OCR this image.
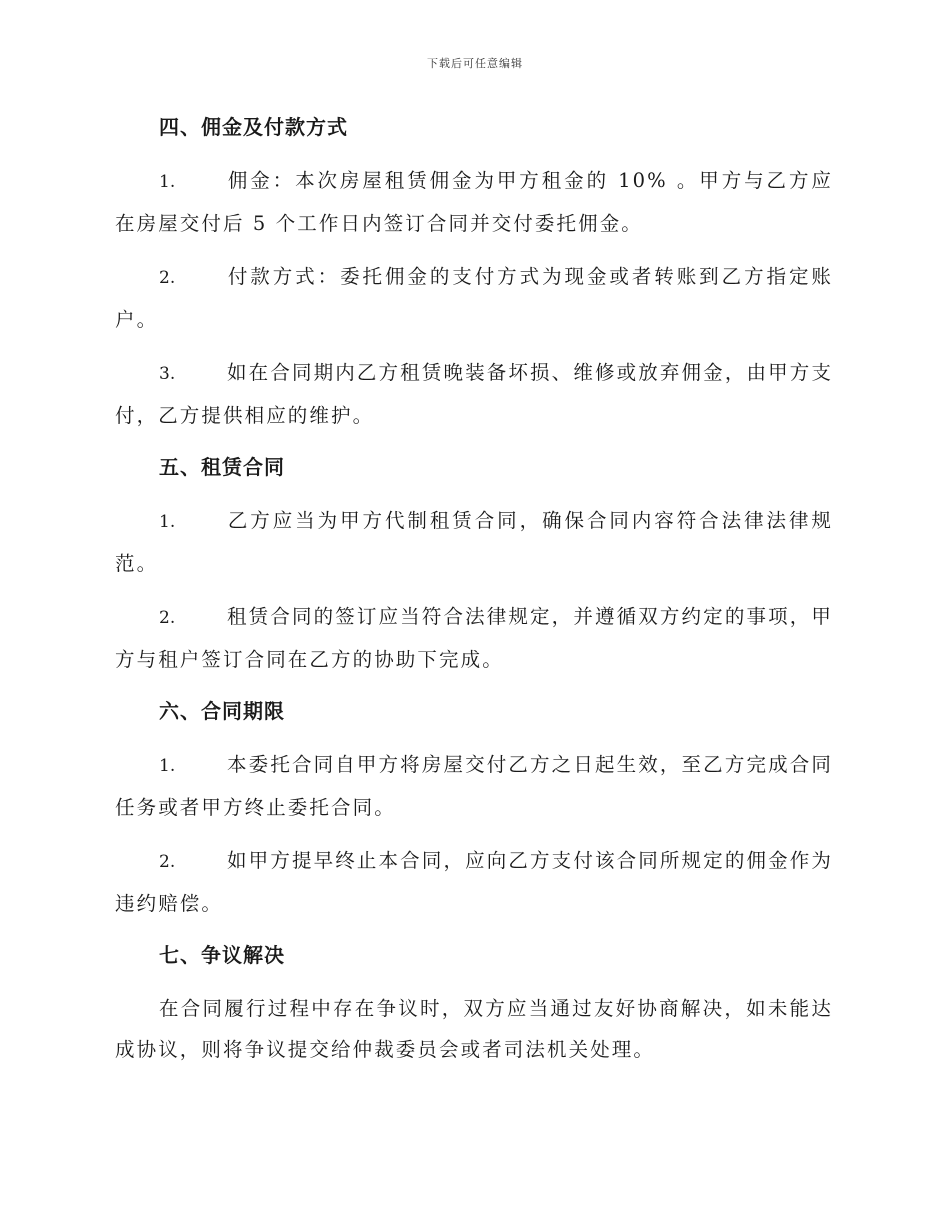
下载后可任意编辑
四、佣金及付款方式

1.	佣金：本次房屋租赁佣金为甲方租金的 10% 。甲方与乙方应在房屋交付后 5 个工作日内签订合同并交付委托佣金。

2.	付款方式：委托佣金的支付方式为现金或者转账到乙方指定账户。

3.	如在合同期内乙方租赁晚装备坏损、维修或放弃佣金，由甲方支付，乙方提供相应的维护。

五、租赁合同

1.	乙方应当为甲方代制租赁合同，确保合同内容符合法律法律规范。

2.	租赁合同的签订应当符合法律规定，并遵循双方约定的事项，甲方与租户签订合同在乙方的协助下完成。

六、合同期限

1.	本委托合同自甲方将房屋交付乙方之日起生效，至乙方完成合同任务或者甲方终止委托合同。

2.	如甲方提早终止本合同，应向乙方支付该合同所规定的佣金作为违约赔偿。

七、争议解决

在合同履行过程中存在争议时，双方应当通过友好协商解决，如未能达成协议，则将争议提交给仲裁委员会或者司法机关处理。
